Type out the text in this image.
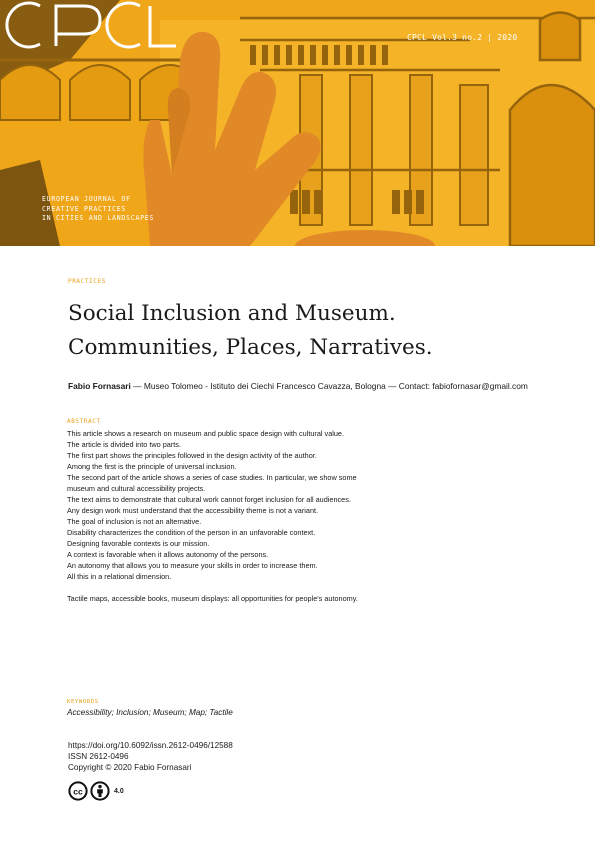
CPCL Vol.3 no.2 | 2020
EUROPEAN JOURNAL OF
CREATIVE PRACTICES
IN CITIES AND LANDSCAPES
PRACTICES
Social Inclusion and Museum.
Communities, Places, Narratives.
Fabio Fornasari — Museo Tolomeo - Istituto dei Ciechi Francesco Cavazza, Bologna — Contact: fabiofornasar@gmail.com
ABSTRACT
This article shows a research on museum and public space design with cultural value.
The article is divided into two parts.
The first part shows the principles followed in the design activity of the author.
Among the first is the principle of universal inclusion.
The second part of the article shows a series of case studies. In particular, we show some
museum and cultural accessibility projects.
The text aims to demonstrate that cultural work cannot forget inclusion for all audiences.
Any design work must understand that the accessibility theme is not a variant.
The goal of inclusion is not an alternative.
Disability characterizes the condition of the person in an unfavorable context.
Designing favorable contexts is our mission.
A context is favorable when it allows autonomy of the persons.
An autonomy that allows you to measure your skills in order to increase them.
All this in a relational dimension.
Tactile maps, accessible books, museum displays: all opportunities for people's autonomy.
KEYWORDS
Accessibility; Inclusion; Museum; Map; Tactile
https://doi.org/10.6092/issn.2612-0496/12588
ISSN 2612-0496
Copyright © 2020 Fabio Fornasari
cc	4.0
